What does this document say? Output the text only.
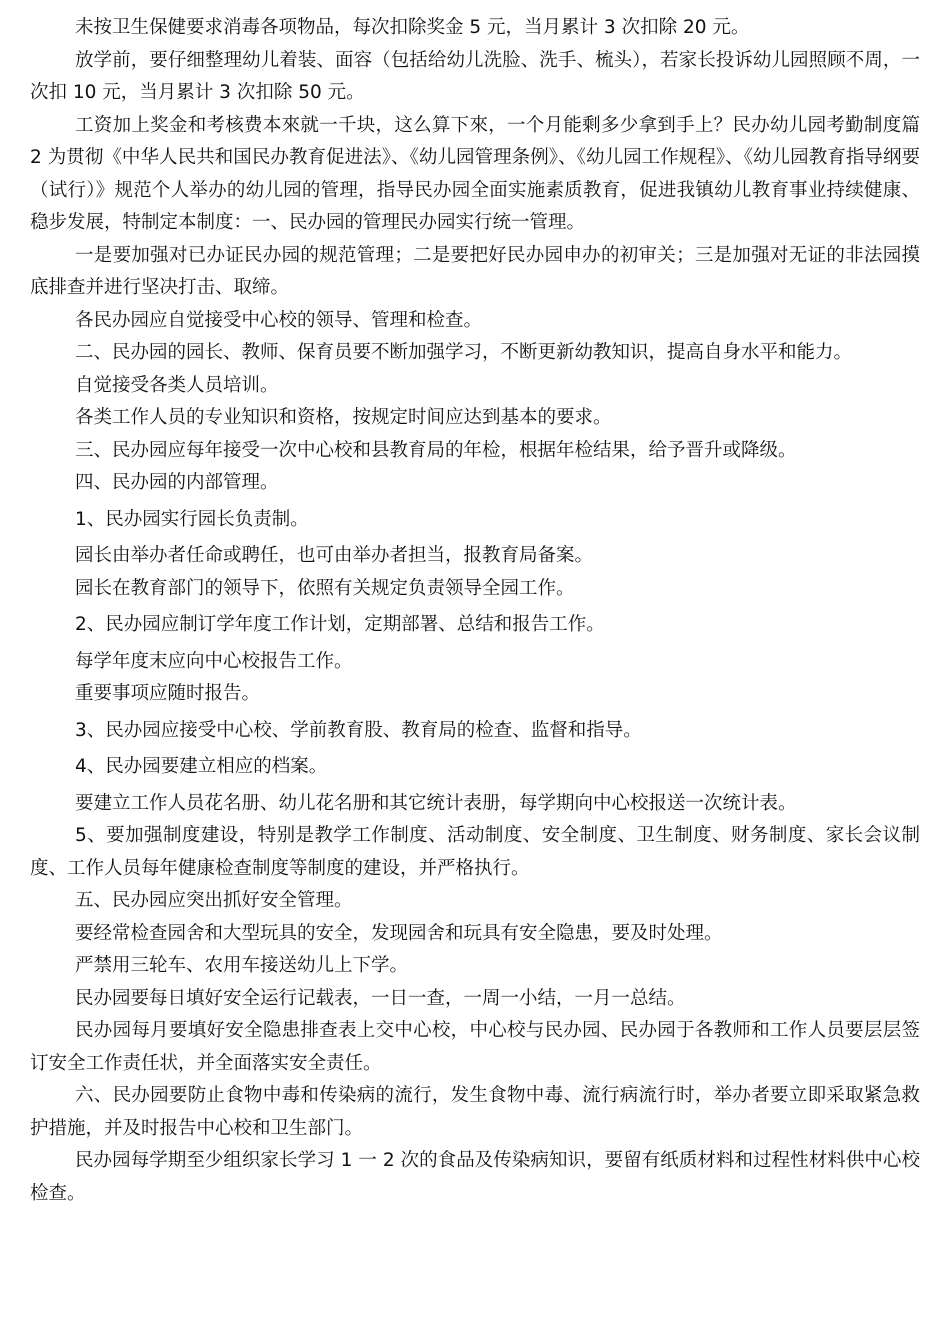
未按卫生保健要求消毒各项物品，每次扣除奖金 5 元，当月累计 3 次扣除 20 元。

放学前，要仔细整理幼儿着装、面容（包括给幼儿洗脸、洗手、梳头），若家长投诉幼儿园照顾不周，一次扣 10 元，当月累计 3 次扣除 50 元。

工资加上奖金和考核费本來就一千块，这么算下來，一个月能剩多少拿到手上？民办幼儿园考勤制度篇 2 为贯彻《中华人民共和国民办教育促进法》、《幼儿园管理条例》、《幼儿园工作规程》、《幼儿园教育指导纲要（试行）》规范个人举办的幼儿园的管理，指导民办园全面实施素质教育，促进我镇幼儿教育事业持续健康、稳步发展，特制定本制度：一、民办园的管理民办园实行统一管理。

一是要加强对已办证民办园的规范管理；二是要把好民办园申办的初审关；三是加强对无证的非法园摸底排查并进行坚决打击、取缔。

各民办园应自觉接受中心校的领导、管理和检查。

二、民办园的园长、教师、保育员要不断加强学习，不断更新幼教知识，提高自身水平和能力。

自觉接受各类人员培训。

各类工作人员的专业知识和资格，按规定时间应达到基本的要求。

三、民办园应每年接受一次中心校和县教育局的年检，根据年检结果，给予晋升或降级。

四、民办园的内部管理。

1、民办园实行园长负责制。

园长由举办者任命或聘任，也可由举办者担当，报教育局备案。

园长在教育部门的领导下，依照有关规定负责领导全园工作。

2、民办园应制订学年度工作计划，定期部署、总结和报告工作。

每学年度末应向中心校报告工作。

重要事项应随时报告。

3、民办园应接受中心校、学前教育股、教育局的检查、监督和指导。

4、民办园要建立相应的档案。

要建立工作人员花名册、幼儿花名册和其它统计表册，每学期向中心校报送一次统计表。

5、要加强制度建设，特别是教学工作制度、活动制度、安全制度、卫生制度、财务制度、家长会议制度、工作人员每年健康检查制度等制度的建设，并严格执行。

五、民办园应突出抓好安全管理。

要经常检查园舍和大型玩具的安全，发现园舍和玩具有安全隐患，要及时处理。

严禁用三轮车、农用车接送幼儿上下学。

民办园要每日填好安全运行记载表，一日一查，一周一小结，一月一总结。

民办园每月要填好安全隐患排查表上交中心校，中心校与民办园、民办园于各教师和工作人员要层层签订安全工作责任状，并全面落实安全责任。

六、民办园要防止食物中毒和传染病的流行，发生食物中毒、流行病流行时，举办者要立即采取紧急救护措施，并及时报告中心校和卫生部门。

民办园每学期至少组织家长学习 1 一 2 次的食品及传染病知识，要留有纸质材料和过程性材料供中心校检查。
